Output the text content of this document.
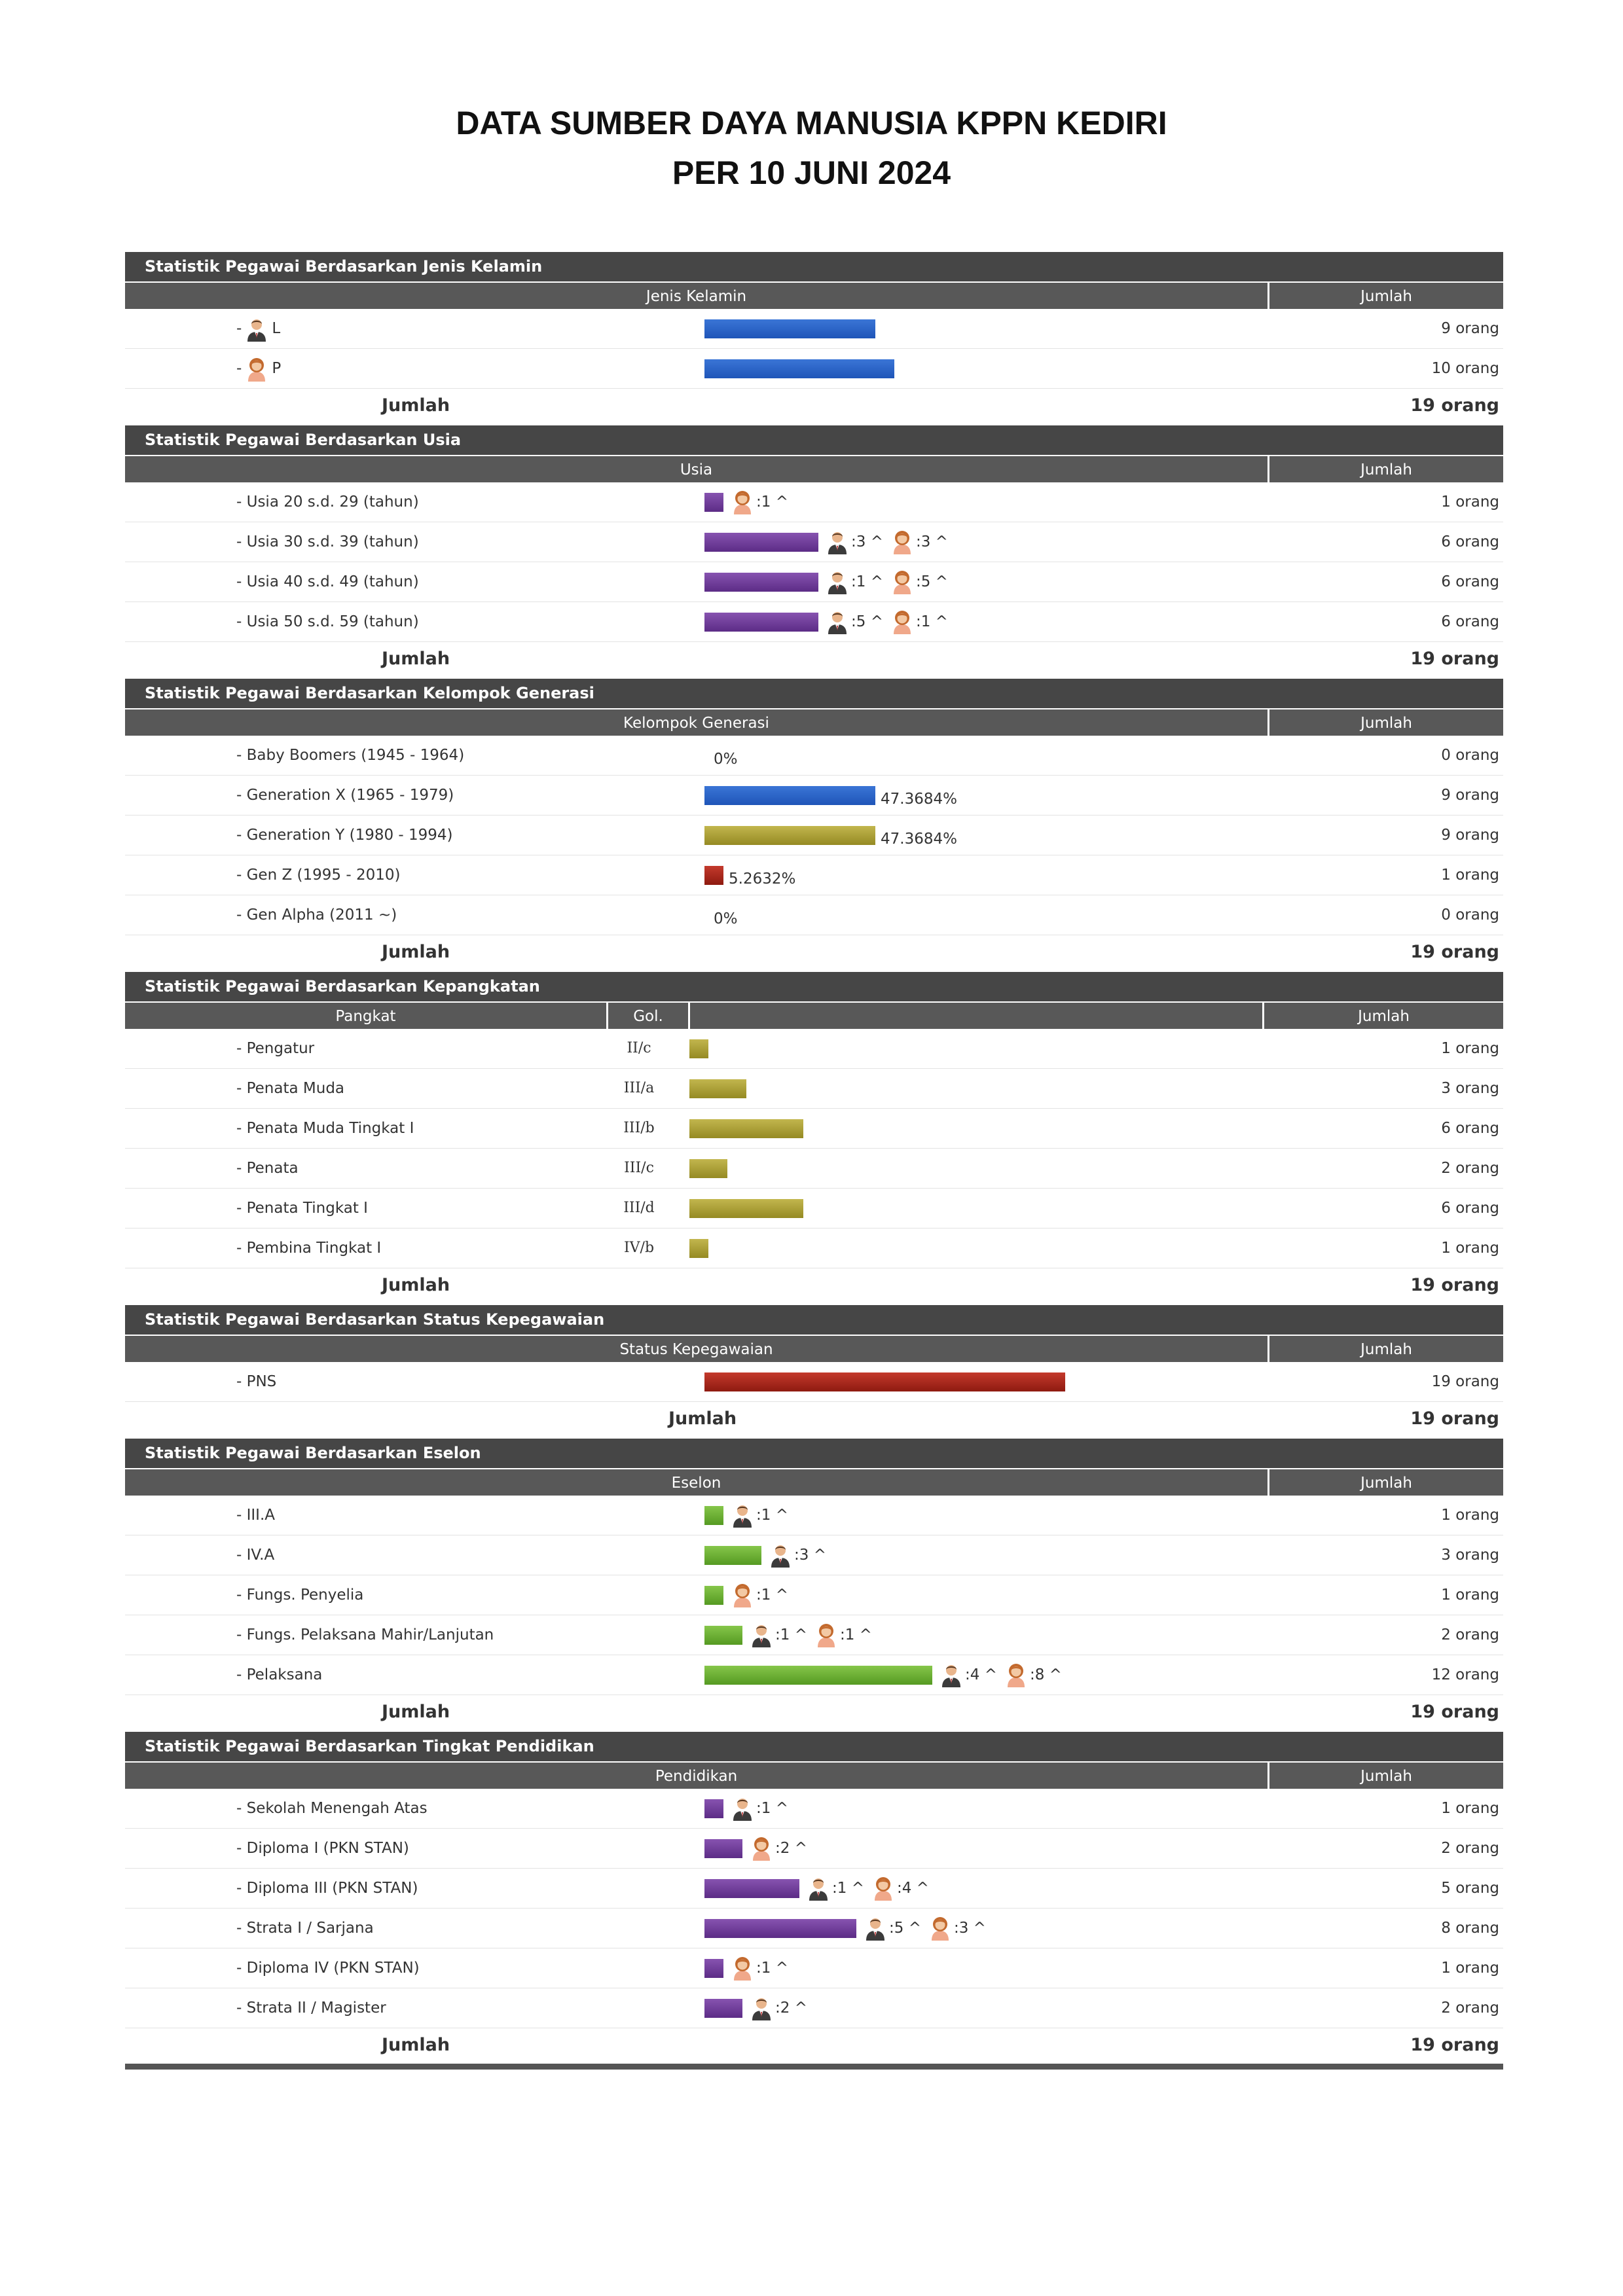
DATA SUMBER DAYA MANUSIA KPPN KEDIRI
PER 10 JUNI 2024
Statistik Pegawai Berdasarkan Jenis Kelamin
Jenis Kelamin	Jumlah
- L	9 orang
- P	10 orang
Jumlah	19 orang
Statistik Pegawai Berdasarkan Usia
Usia	Jumlah
- Usia 20 s.d. 29 (tahun)	:1 ^	1 orang
- Usia 30 s.d. 39 (tahun)	:3 ^ :3 ^	6 orang
- Usia 40 s.d. 49 (tahun)	:1 ^ :5 ^	6 orang
- Usia 50 s.d. 59 (tahun)	:5 ^ :1 ^	6 orang
Jumlah	19 orang
Statistik Pegawai Berdasarkan Kelompok Generasi
Kelompok Generasi	Jumlah
- Baby Boomers (1945 - 1964)	0%	0 orang
- Generation X (1965 - 1979)	47.3684%	9 orang
- Generation Y (1980 - 1994)	47.3684%	9 orang
- Gen Z (1995 - 2010)	5.2632%	1 orang
- Gen Alpha (2011 ~)	0%	0 orang
Jumlah	19 orang
Statistik Pegawai Berdasarkan Kepangkatan
Pangkat	Gol.	Jumlah
- Pengatur	II/c	1 orang
- Penata Muda	III/a	3 orang
- Penata Muda Tingkat I	III/b	6 orang
- Penata	III/c	2 orang
- Penata Tingkat I	III/d	6 orang
- Pembina Tingkat I	IV/b	1 orang
Jumlah	19 orang
Statistik Pegawai Berdasarkan Status Kepegawaian
Status Kepegawaian	Jumlah
- PNS	19 orang
Jumlah	19 orang
Statistik Pegawai Berdasarkan Eselon
Eselon	Jumlah
- III.A	:1 ^	1 orang
- IV.A	:3 ^	3 orang
- Fungs. Penyelia	:1 ^	1 orang
- Fungs. Pelaksana Mahir/Lanjutan	:1 ^ :1 ^	2 orang
- Pelaksana	:4 ^ :8 ^	12 orang
Jumlah	19 orang
Statistik Pegawai Berdasarkan Tingkat Pendidikan
Pendidikan	Jumlah
- Sekolah Menengah Atas	:1 ^	1 orang
- Diploma I (PKN STAN)	:2 ^	2 orang
- Diploma III (PKN STAN)	:1 ^ :4 ^	5 orang
- Strata I / Sarjana	:5 ^ :3 ^	8 orang
- Diploma IV (PKN STAN)	:1 ^	1 orang
- Strata II / Magister	:2 ^	2 orang
Jumlah	19 orang
